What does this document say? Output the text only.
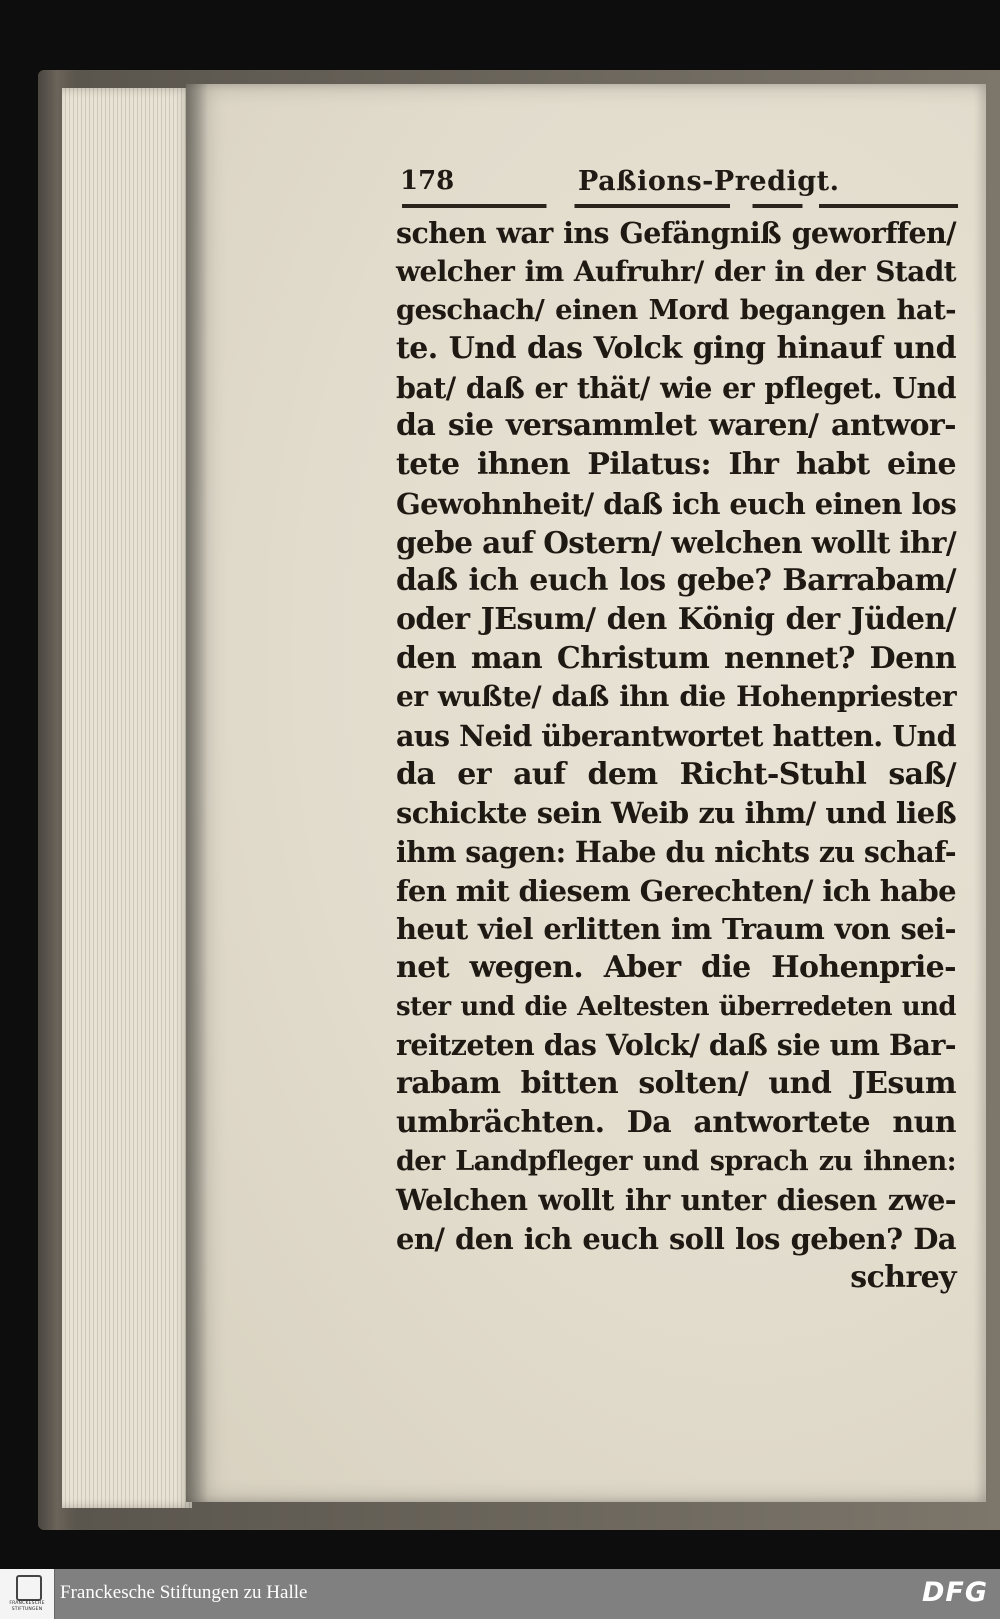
178	Paßions-Predigt.
schen war ins Gefängniß geworffen/
welcher im Aufruhr/ der in der Stadt
geschach/ einen Mord begangen hat-
te. Und das Volck ging hinauf und
bat/ daß er thät/ wie er pfleget. Und
da sie versammlet waren/ antwor-
tete ihnen Pilatus: Ihr habt eine
Gewohnheit/ daß ich euch einen los
gebe auf Ostern/ welchen wollt ihr/
daß ich euch los gebe? Barrabam/
oder JEsum/ den König der Jüden/
den man Christum nennet? Denn
er wußte/ daß ihn die Hohenpriester
aus Neid überantwortet hatten. Und
da er auf dem Richt-Stuhl saß/
schickte sein Weib zu ihm/ und ließ
ihm sagen: Habe du nichts zu schaf-
fen mit diesem Gerechten/ ich habe
heut viel erlitten im Traum von sei-
net wegen. Aber die Hohenprie-
ster und die Aeltesten überredeten und
reitzeten das Volck/ daß sie um Bar-
rabam bitten solten/ und JEsum
umbrächten. Da antwortete nun
der Landpfleger und sprach zu ihnen:
Welchen wollt ihr unter diesen zwe-
en/ den ich euch soll los geben? Da
schrey
FRANCKESCHE STIFTUNGEN
Franckesche Stiftungen zu Halle	DFG
